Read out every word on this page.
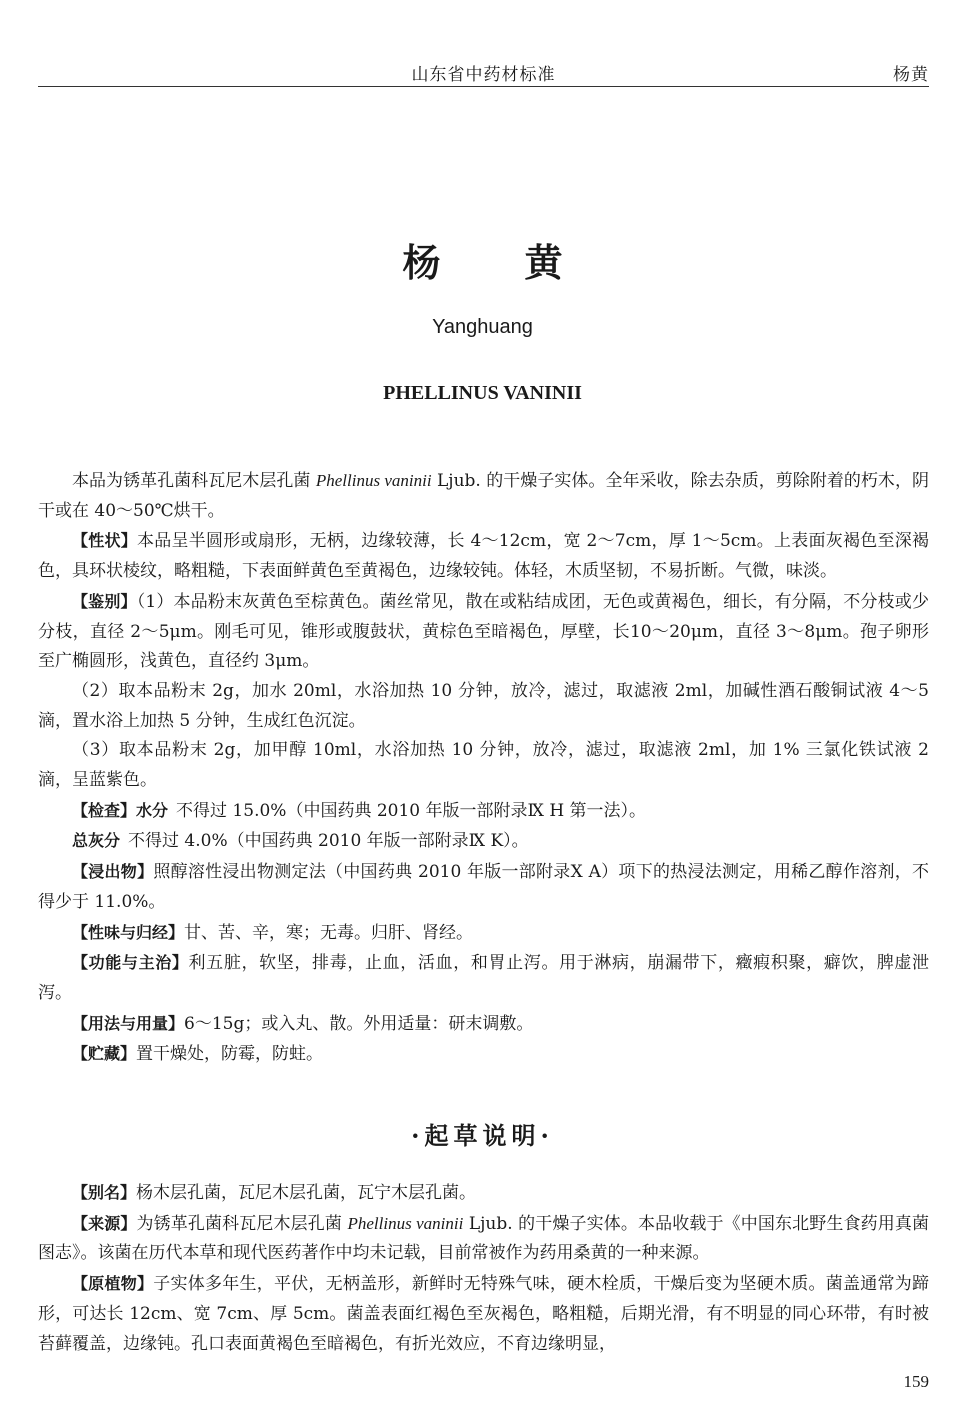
山东省中药材标准	杨黄
杨 黄
Yanghuang
PHELLINUS VANINII

本品为锈革孔菌科瓦尼木层孔菌 Phellinus vaninii Ljub. 的干燥子实体。全年采收，除去杂质，剪除附着的朽木，阴干或在 40～50℃烘干。

【性状】本品呈半圆形或扇形，无柄，边缘较薄，长 4～12cm，宽 2～7cm，厚 1～5cm。上表面灰褐色至深褐色，具环状棱纹，略粗糙，下表面鲜黄色至黄褐色，边缘较钝。体轻，木质坚韧，不易折断。气微，味淡。

【鉴别】（1）本品粉末灰黄色至棕黄色。菌丝常见，散在或粘结成团，无色或黄褐色，细长，有分隔，不分枝或少分枝，直径 2～5μm。刚毛可见，锥形或腹鼓状，黄棕色至暗褐色，厚壁，长10～20μm，直径 3～8μm。孢子卵形至广椭圆形，浅黄色，直径约 3μm。

（2）取本品粉末 2g，加水 20ml，水浴加热 10 分钟，放冷，滤过，取滤液 2ml，加碱性酒石酸铜试液 4～5 滴，置水浴上加热 5 分钟，生成红色沉淀。

（3）取本品粉末 2g，加甲醇 10ml，水浴加热 10 分钟，放冷，滤过，取滤液 2ml，加 1% 三氯化铁试液 2 滴，呈蓝紫色。

【检查】水分 不得过 15.0%（中国药典 2010 年版一部附录Ⅸ H 第一法）。

总灰分 不得过 4.0%（中国药典 2010 年版一部附录Ⅸ K）。

【浸出物】照醇溶性浸出物测定法（中国药典 2010 年版一部附录Ⅹ A）项下的热浸法测定，用稀乙醇作溶剂，不得少于 11.0%。

【性味与归经】甘、苦、辛，寒；无毒。归肝、肾经。

【功能与主治】利五脏，软坚，排毒，止血，活血，和胃止泻。用于淋病，崩漏带下，癥瘕积聚，癖饮，脾虚泄泻。

【用法与用量】6～15g；或入丸、散。外用适量：研末调敷。

【贮藏】置干燥处，防霉，防蛀。

·起草说明·

【别名】杨木层孔菌，瓦尼木层孔菌，瓦宁木层孔菌。

【来源】为锈革孔菌科瓦尼木层孔菌 Phellinus vaninii Ljub. 的干燥子实体。本品收载于《中国东北野生食药用真菌图志》。该菌在历代本草和现代医药著作中均未记载，目前常被作为药用桑黄的一种来源。

【原植物】子实体多年生，平伏，无柄盖形，新鲜时无特殊气味，硬木栓质，干燥后变为坚硬木质。菌盖通常为蹄形，可达长 12cm、宽 7cm、厚 5cm。菌盖表面红褐色至灰褐色，略粗糙，后期光滑，有不明显的同心环带，有时被苔藓覆盖，边缘钝。孔口表面黄褐色至暗褐色，有折光效应，不育边缘明显，

159
